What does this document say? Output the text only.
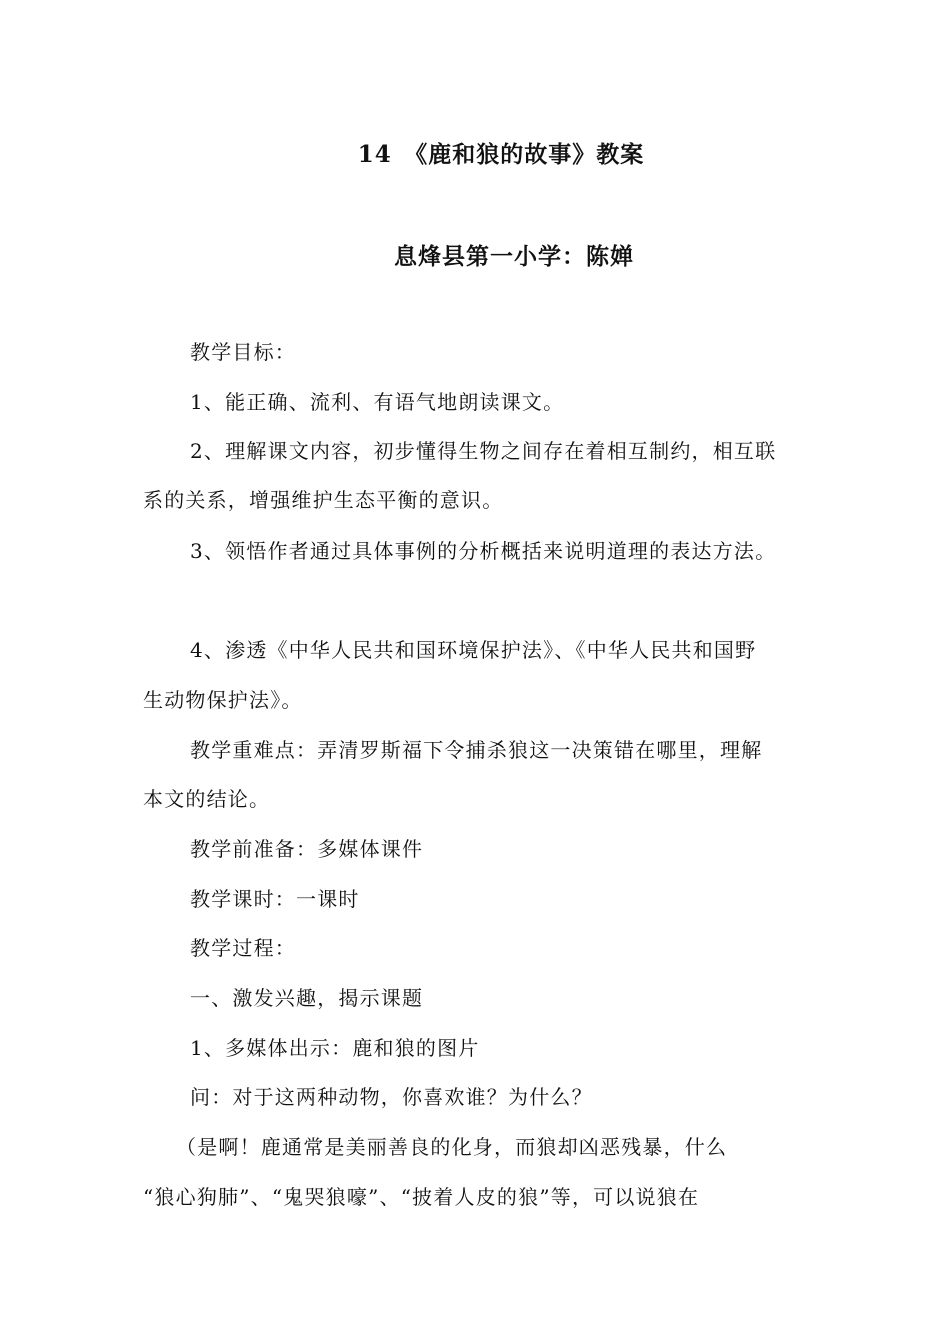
14　《鹿和狼的故事》教案
息烽县第一小学：陈婵
教学目标：
1、能正确、流利、有语气地朗读课文。
2、理解课文内容，初步懂得生物之间存在着相互制约，相互联
系的关系，增强维护生态平衡的意识。
3、领悟作者通过具体事例的分析概括来说明道理的表达方法。
4、渗透《中华人民共和国环境保护法》、《中华人民共和国野
生动物保护法》。
教学重难点：弄清罗斯福下令捕杀狼这一决策错在哪里，理解
本文的结论。
教学前准备：多媒体课件
教学课时：一课时
教学过程：
一、激发兴趣，揭示课题
1、多媒体出示：鹿和狼的图片
问：对于这两种动物，你喜欢谁？为什么？
（是啊！鹿通常是美丽善良的化身，而狼却凶恶残暴，什么
“狼心狗肺”、“鬼哭狼嚎”、“披着人皮的狼”等，可以说狼在
